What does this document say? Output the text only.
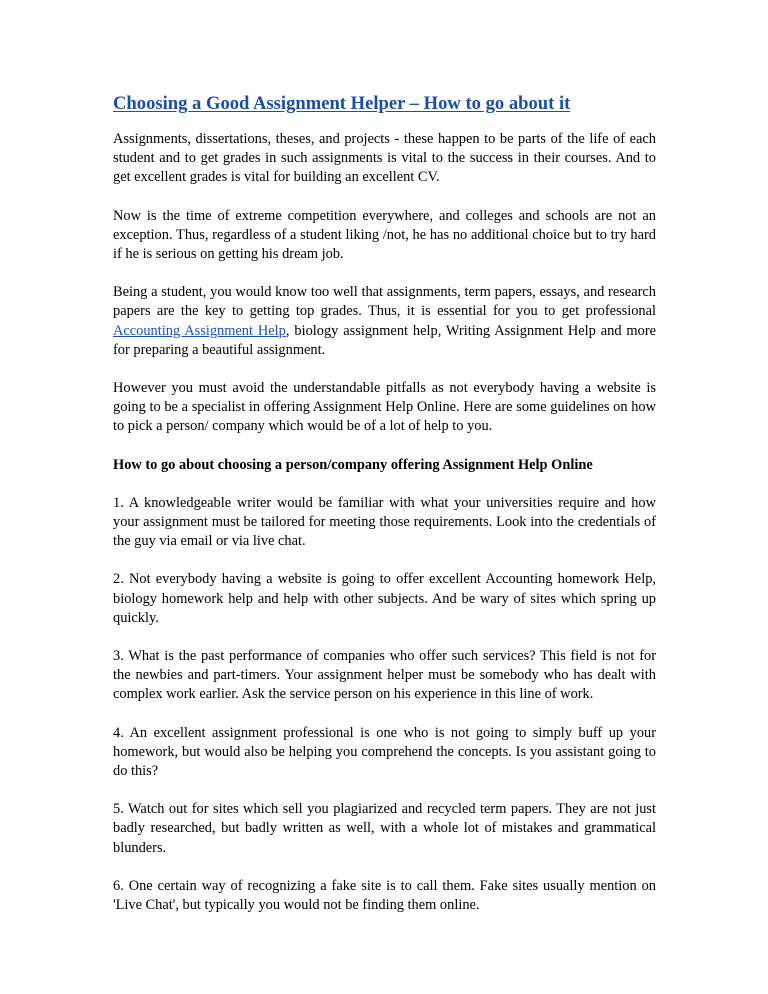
Choosing a Good Assignment Helper – How to go about it

Assignments, dissertations, theses, and projects - these happen to be parts of the life of each student and to get grades in such assignments is vital to the success in their courses. And to get excellent grades is vital for building an excellent CV.

Now is the time of extreme competition everywhere, and colleges and schools are not an exception. Thus, regardless of a student liking /not, he has no additional choice but to try hard if he is serious on getting his dream job.

Being a student, you would know too well that assignments, term papers, essays, and research papers are the key to getting top grades. Thus, it is essential for you to get professional Accounting Assignment Help, biology assignment help, Writing Assignment Help and more for preparing a beautiful assignment.

However you must avoid the understandable pitfalls as not everybody having a website is going to be a specialist in offering Assignment Help Online. Here are some guidelines on how to pick a person/ company which would be of a lot of help to you.

How to go about choosing a person/company offering Assignment Help Online

1. A knowledgeable writer would be familiar with what your universities require and how your assignment must be tailored for meeting those requirements. Look into the credentials of the guy via email or via live chat.

2. Not everybody having a website is going to offer excellent Accounting homework Help, biology homework help and help with other subjects. And be wary of sites which spring up quickly.

3. What is the past performance of companies who offer such services? This field is not for the newbies and part-timers. Your assignment helper must be somebody who has dealt with complex work earlier. Ask the service person on his experience in this line of work.

4. An excellent assignment professional is one who is not going to simply buff up your homework, but would also be helping you comprehend the concepts. Is you assistant going to do this?

5. Watch out for sites which sell you plagiarized and recycled term papers. They are not just badly researched, but badly written as well, with a whole lot of mistakes and grammatical blunders.

6. One certain way of recognizing a fake site is to call them. Fake sites usually mention on 'Live Chat', but typically you would not be finding them online.
